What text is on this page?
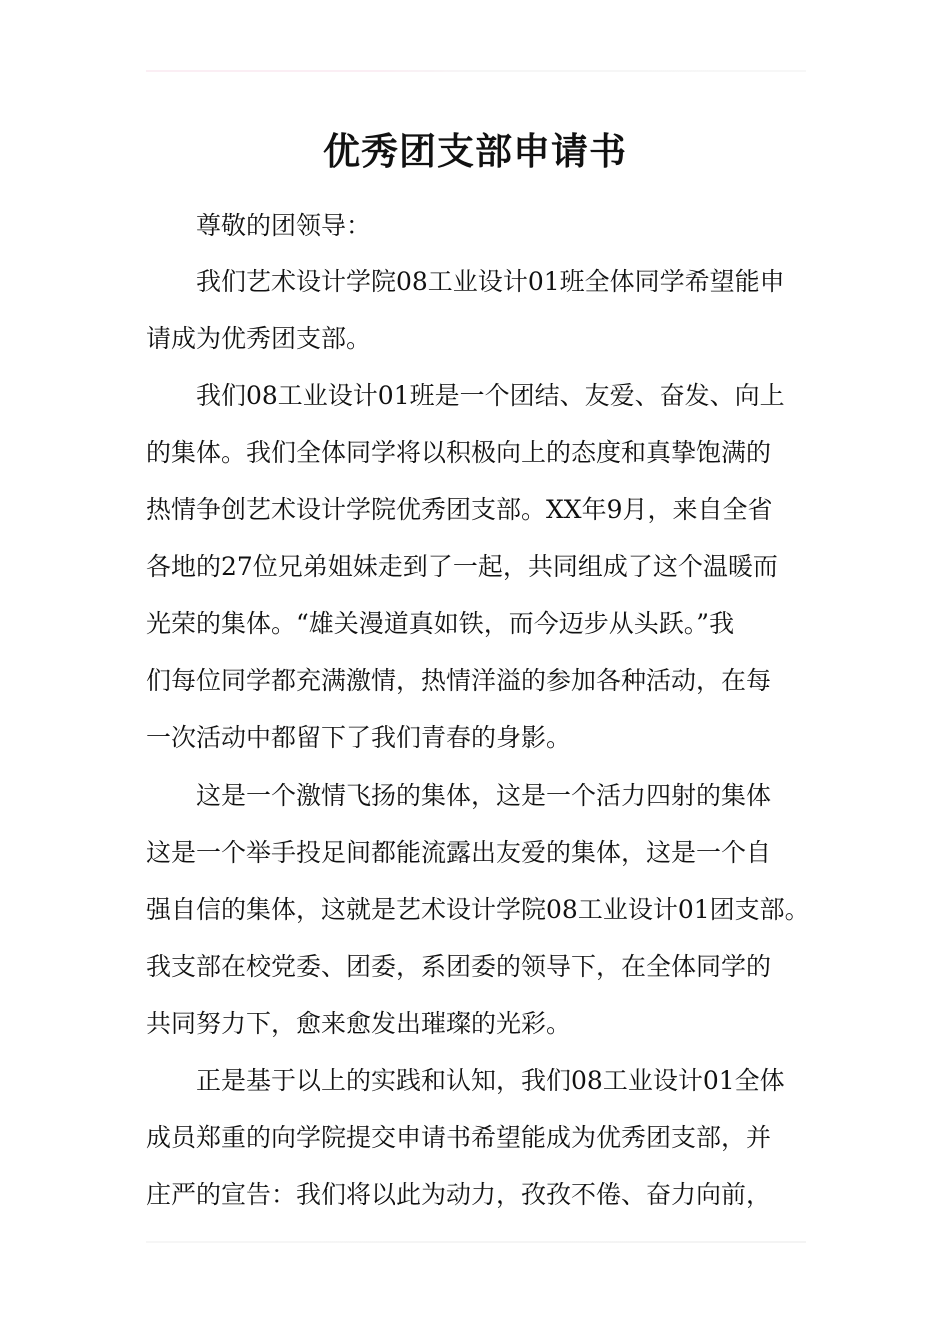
优秀团支部申请书

尊敬的团领导：

我们艺术设计学院08工业设计01班全体同学希望能申

请成为优秀团支部。

我们08工业设计01班是一个团结、友爱、奋发、向上

的集体。我们全体同学将以积极向上的态度和真挚饱满的

热情争创艺术设计学院优秀团支部。XX年9月，来自全省

各地的27位兄弟姐妹走到了一起，共同组成了这个温暖而

光荣的集体。“雄关漫道真如铁，而今迈步从头跃。”我

们每位同学都充满激情，热情洋溢的参加各种活动，在每

一次活动中都留下了我们青春的身影。

这是一个激情飞扬的集体，这是一个活力四射的集体

这是一个举手投足间都能流露出友爱的集体，这是一个自

强自信的集体，这就是艺术设计学院08工业设计01团支部。

我支部在校党委、团委，系团委的领导下，在全体同学的

共同努力下，愈来愈发出璀璨的光彩。

正是基于以上的实践和认知，我们08工业设计01全体

成员郑重的向学院提交申请书希望能成为优秀团支部，并

庄严的宣告：我们将以此为动力，孜孜不倦、奋力向前，
